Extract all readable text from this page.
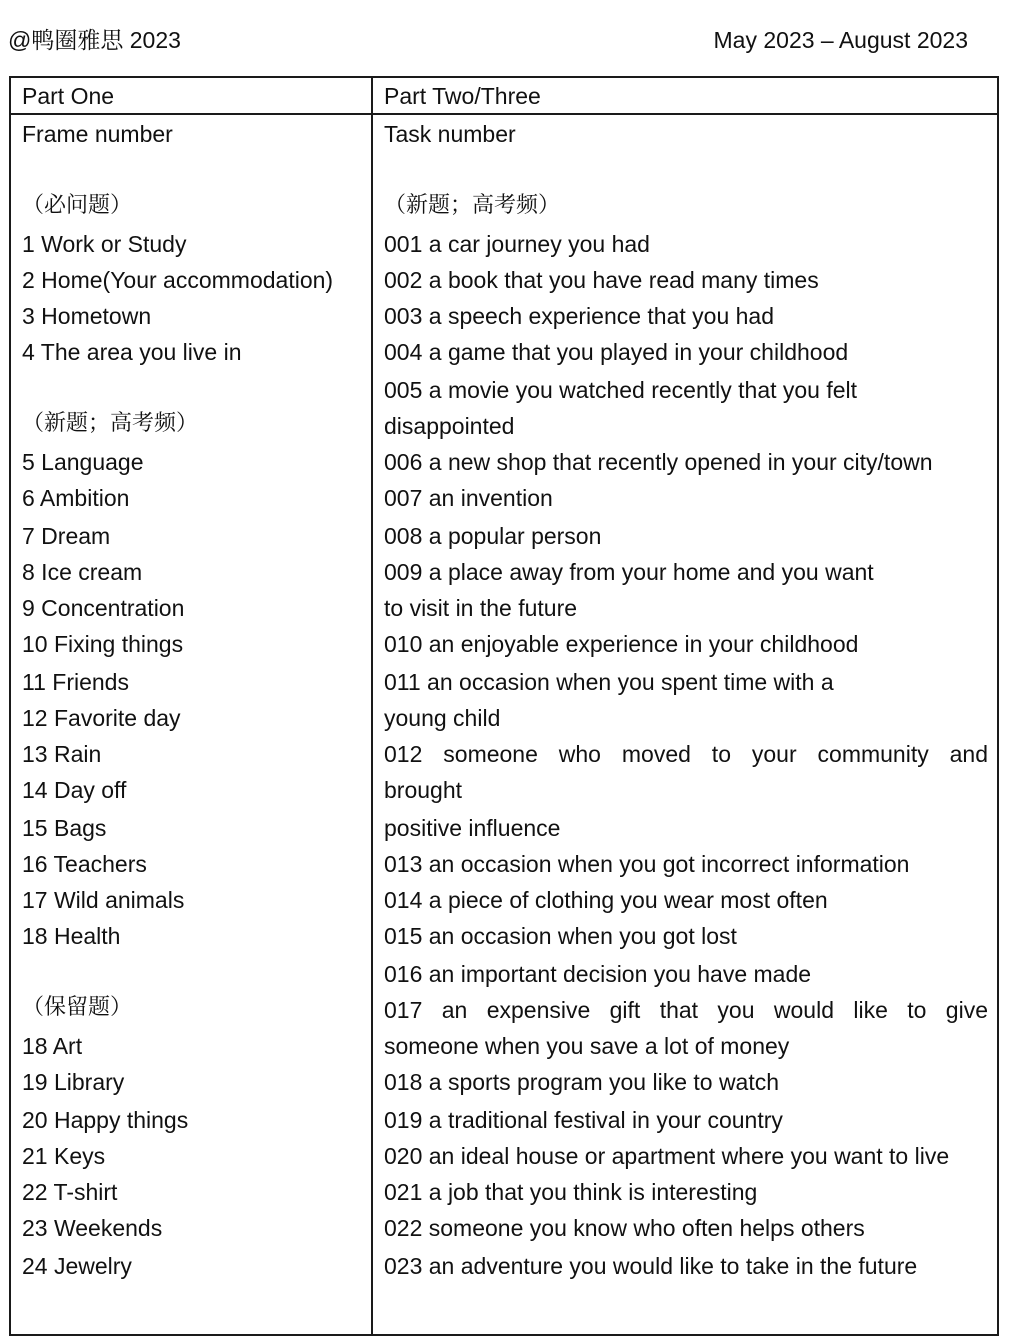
@鸭圈雅思 2023	May 2023 – August 2023
Part One	Part Two/Three
Frame number
（必问题）
1 Work or Study
2 Home(Your accommodation)
3 Hometown
4 The area you live in
（新题；高考频）
5 Language
6 Ambition
7 Dream
8 Ice cream
9 Concentration
10 Fixing things
11 Friends
12 Favorite day
13 Rain
14 Day off
15 Bags
16 Teachers
17 Wild animals
18 Health
（保留题）
18 Art
19 Library
20 Happy things
21 Keys
22 T-shirt
23 Weekends
24 Jewelry
Task number
（新题；高考频）
001 a car journey you had
002 a book that you have read many times
003 a speech experience that you had
004 a game that you played in your childhood
005 a movie you watched recently that you felt
disappointed
006 a new shop that recently opened in your city/town
007 an invention
008 a popular person
009 a place away from your home and you want
to visit in the future
010 an enjoyable experience in your childhood
011 an occasion when you spent time with a
young child
012 someone who moved to your community and
brought
positive influence
013 an occasion when you got incorrect information
014 a piece of clothing you wear most often
015 an occasion when you got lost
016 an important decision you have made
017 an expensive gift that you would like to give
someone when you save a lot of money
018 a sports program you like to watch
019 a traditional festival in your country
020 an ideal house or apartment where you want to live
021 a job that you think is interesting
022 someone you know who often helps others
023 an adventure you would like to take in the future
